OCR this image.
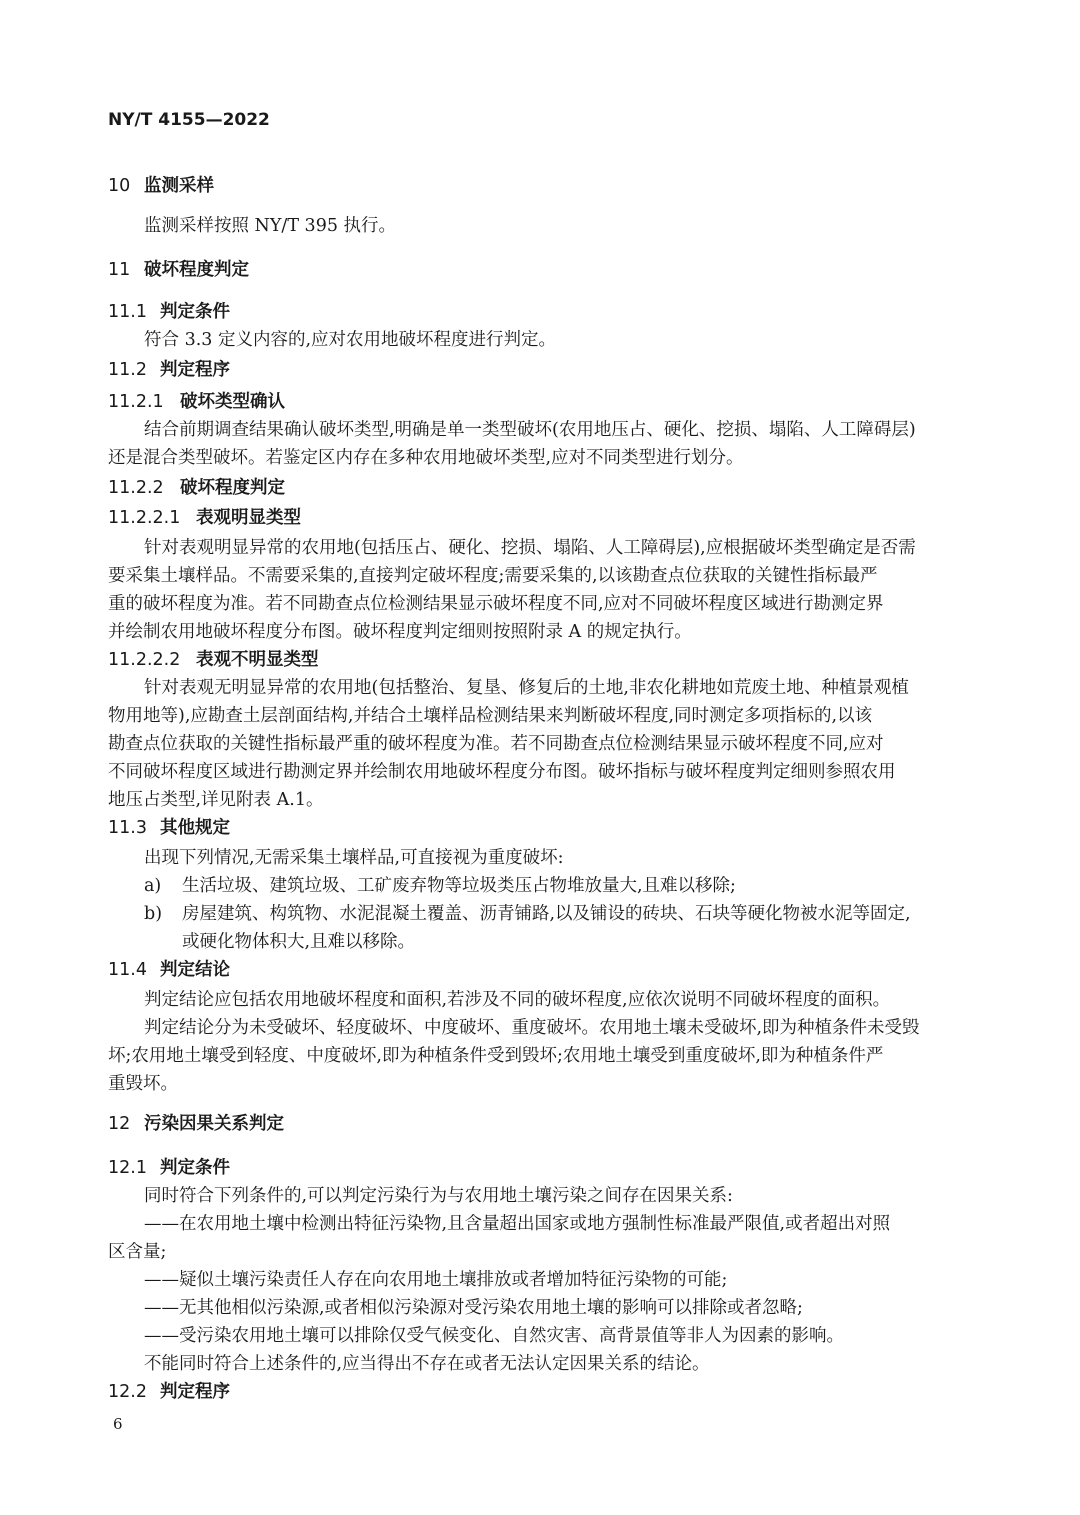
NY/T 4155—2022
10 监测采样
监测采样按照 NY/T 395 执行。
11 破坏程度判定
11.1 判定条件
符合 3.3 定义内容的,应对农用地破坏程度进行判定。
11.2 判定程序
11.2.1 破坏类型确认
结合前期调查结果确认破坏类型,明确是单一类型破坏(农用地压占、硬化、挖损、塌陷、人工障碍层)
还是混合类型破坏。若鉴定区内存在多种农用地破坏类型,应对不同类型进行划分。
11.2.2 破坏程度判定
11.2.2.1 表观明显类型
针对表观明显异常的农用地(包括压占、硬化、挖损、塌陷、人工障碍层),应根据破坏类型确定是否需
要采集土壤样品。不需要采集的,直接判定破坏程度;需要采集的,以该勘查点位获取的关键性指标最严
重的破坏程度为准。若不同勘查点位检测结果显示破坏程度不同,应对不同破坏程度区域进行勘测定界
并绘制农用地破坏程度分布图。破坏程度判定细则按照附录 A 的规定执行。
11.2.2.2 表观不明显类型
针对表观无明显异常的农用地(包括整治、复垦、修复后的土地,非农化耕地如荒废土地、种植景观植
物用地等),应勘查土层剖面结构,并结合土壤样品检测结果来判断破坏程度,同时测定多项指标的,以该
勘查点位获取的关键性指标最严重的破坏程度为准。若不同勘查点位检测结果显示破坏程度不同,应对
不同破坏程度区域进行勘测定界并绘制农用地破坏程度分布图。破坏指标与破坏程度判定细则参照农用
地压占类型,详见附表 A.1。
11.3 其他规定
出现下列情况,无需采集土壤样品,可直接视为重度破坏:
a) 生活垃圾、建筑垃圾、工矿废弃物等垃圾类压占物堆放量大,且难以移除;
b) 房屋建筑、构筑物、水泥混凝土覆盖、沥青铺路,以及铺设的砖块、石块等硬化物被水泥等固定,
或硬化物体积大,且难以移除。
11.4 判定结论
判定结论应包括农用地破坏程度和面积,若涉及不同的破坏程度,应依次说明不同破坏程度的面积。
判定结论分为未受破坏、轻度破坏、中度破坏、重度破坏。农用地土壤未受破坏,即为种植条件未受毁
坏;农用地土壤受到轻度、中度破坏,即为种植条件受到毁坏;农用地土壤受到重度破坏,即为种植条件严
重毁坏。
12 污染因果关系判定
12.1 判定条件
同时符合下列条件的,可以判定污染行为与农用地土壤污染之间存在因果关系:
——在农用地土壤中检测出特征污染物,且含量超出国家或地方强制性标准最严限值,或者超出对照
区含量;
——疑似土壤污染责任人存在向农用地土壤排放或者增加特征污染物的可能;
——无其他相似污染源,或者相似污染源对受污染农用地土壤的影响可以排除或者忽略;
——受污染农用地土壤可以排除仅受气候变化、自然灾害、高背景值等非人为因素的影响。
不能同时符合上述条件的,应当得出不存在或者无法认定因果关系的结论。
12.2 判定程序
6
